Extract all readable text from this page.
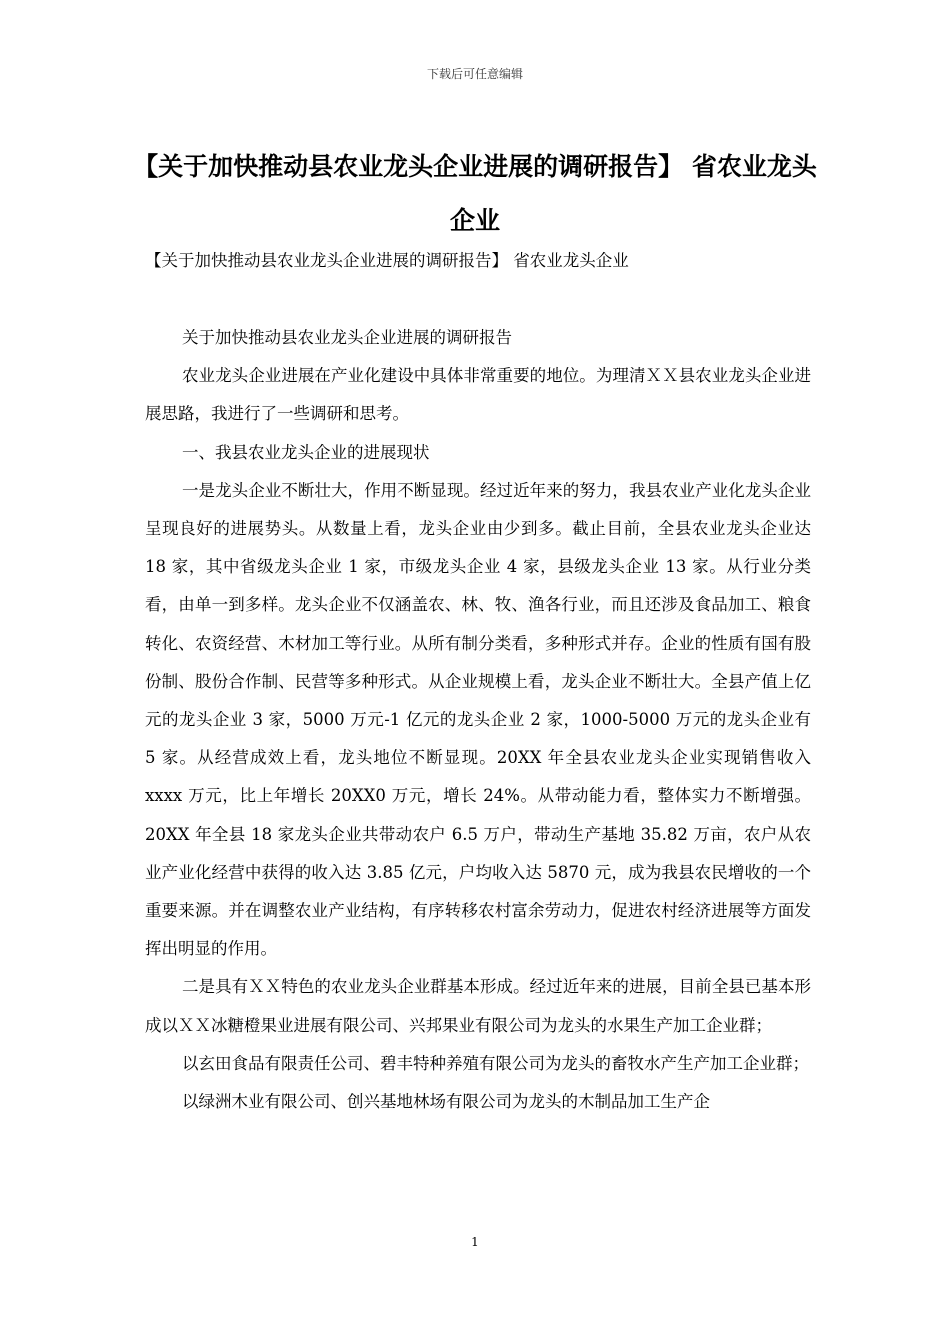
下载后可任意编辑
【关于加快推动县农业龙头企业进展的调研报告】 省农业龙头企业

【关于加快推动县农业龙头企业进展的调研报告】 省农业龙头企业

关于加快推动县农业龙头企业进展的调研报告

农业龙头企业进展在产业化建设中具体非常重要的地位。为理清ＸＸ县农业龙头企业进展思路，我进行了一些调研和思考。

一、我县农业龙头企业的进展现状

一是龙头企业不断壮大，作用不断显现。经过近年来的努力，我县农业产业化龙头企业呈现良好的进展势头。从数量上看，龙头企业由少到多。截止目前，全县农业龙头企业达 18 家，其中省级龙头企业 1 家，市级龙头企业 4 家，县级龙头企业 13 家。从行业分类看，由单一到多样。龙头企业不仅涵盖农、林、牧、渔各行业，而且还涉及食品加工、粮食转化、农资经营、木材加工等行业。从所有制分类看，多种形式并存。企业的性质有国有股份制、股份合作制、民营等多种形式。从企业规模上看，龙头企业不断壮大。全县产值上亿元的龙头企业 3 家，5000 万元-1 亿元的龙头企业 2 家，1000-5000 万元的龙头企业有 5 家。从经营成效上看，龙头地位不断显现。20XX 年全县农业龙头企业实现销售收入 xxxx 万元，比上年增长 20XX0 万元，增长 24%。从带动能力看，整体实力不断增强。20XX 年全县 18 家龙头企业共带动农户 6.5 万户，带动生产基地 35.82 万亩，农户从农业产业化经营中获得的收入达 3.85 亿元，户均收入达 5870 元，成为我县农民增收的一个重要来源。并在调整农业产业结构，有序转移农村富余劳动力，促进农村经济进展等方面发挥出明显的作用。

二是具有ＸＸ特色的农业龙头企业群基本形成。经过近年来的进展，目前全县已基本形成以ＸＸ冰糖橙果业进展有限公司、兴邦果业有限公司为龙头的水果生产加工企业群；

以玄田食品有限责任公司、碧丰特种养殖有限公司为龙头的畜牧水产生产加工企业群；

以绿洲木业有限公司、创兴基地林场有限公司为龙头的木制品加工生产企

1
